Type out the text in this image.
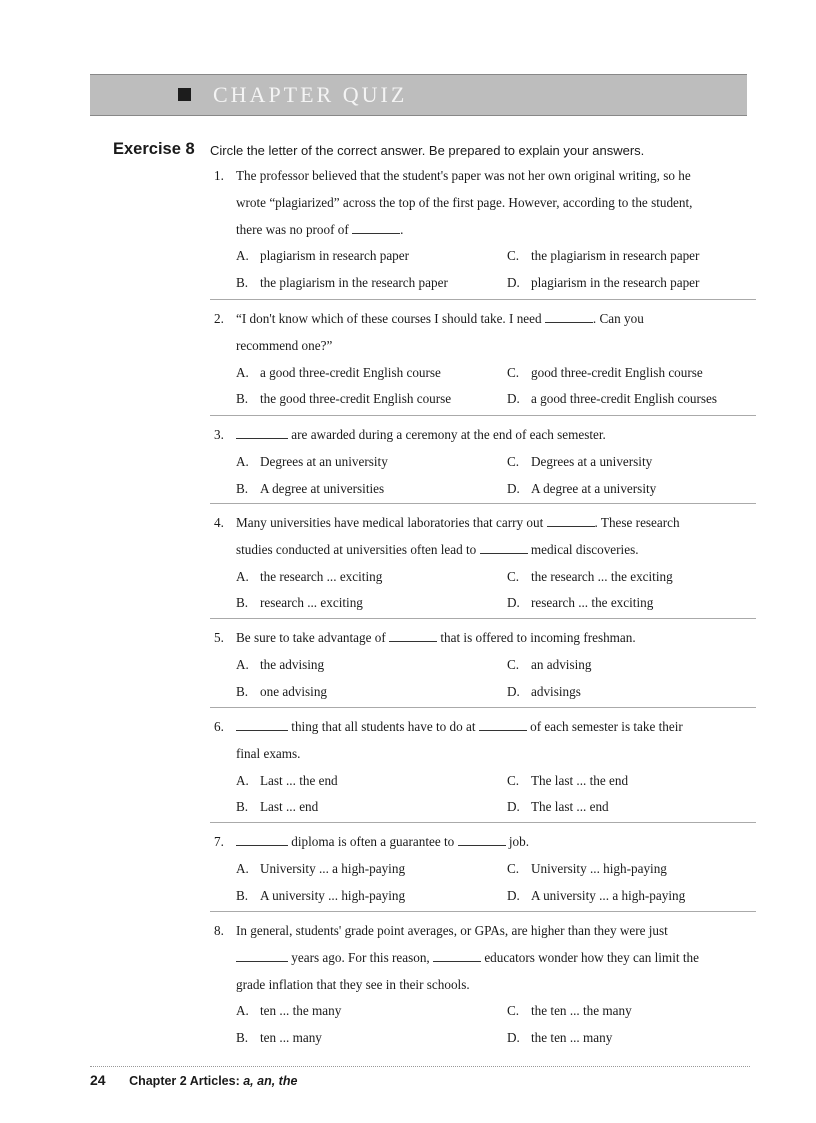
CHAPTER QUIZ
Exercise 8 Circle the letter of the correct answer. Be prepared to explain your answers.
1. The professor believed that the student's paper was not her own original writing, so he
wrote “plagiarized” across the top of the first page. However, according to the student,
there was no proof of	.
A. plagiarism in research paper	C. the plagiarism in research paper
B. the plagiarism in the research paper	D. plagiarism in the research paper
2. “I don't know which of these courses I should take. I need	. Can you
recommend one?”
A. a good three-credit English course	C. good three-credit English course
B. the good three-credit English course	D. a good three-credit English courses
3.	are awarded during a ceremony at the end of each semester.
A. Degrees at an university	C. Degrees at a university
B. A degree at universities	D. A degree at a university
4. Many universities have medical laboratories that carry out	. These research
studies conducted at universities often lead to	medical discoveries.
A. the research ... exciting	C. the research ... the exciting
B. research ... exciting	D. research ... the exciting
5. Be sure to take advantage of	that is offered to incoming freshman.
A. the advising	C. an advising
B. one advising	D. advisings
6.	thing that all students have to do at	of each semester is take their
final exams.
A. Last ... the end	C. The last ... the end
B. Last ... end	D. The last ... end
7.	diploma is often a guarantee to	job.
A. University ... a high-paying	C. University ... high-paying
B. A university ... high-paying	D. A university ... a high-paying
8. In general, students' grade point averages, or GPAs, are higher than they were just
years ago. For this reason,	educators wonder how they can limit the
grade inflation that they see in their schools.
A. ten ... the many	C. the ten ... the many
B. ten ... many	D. the ten ... many
24 Chapter 2 Articles: a, an, the
